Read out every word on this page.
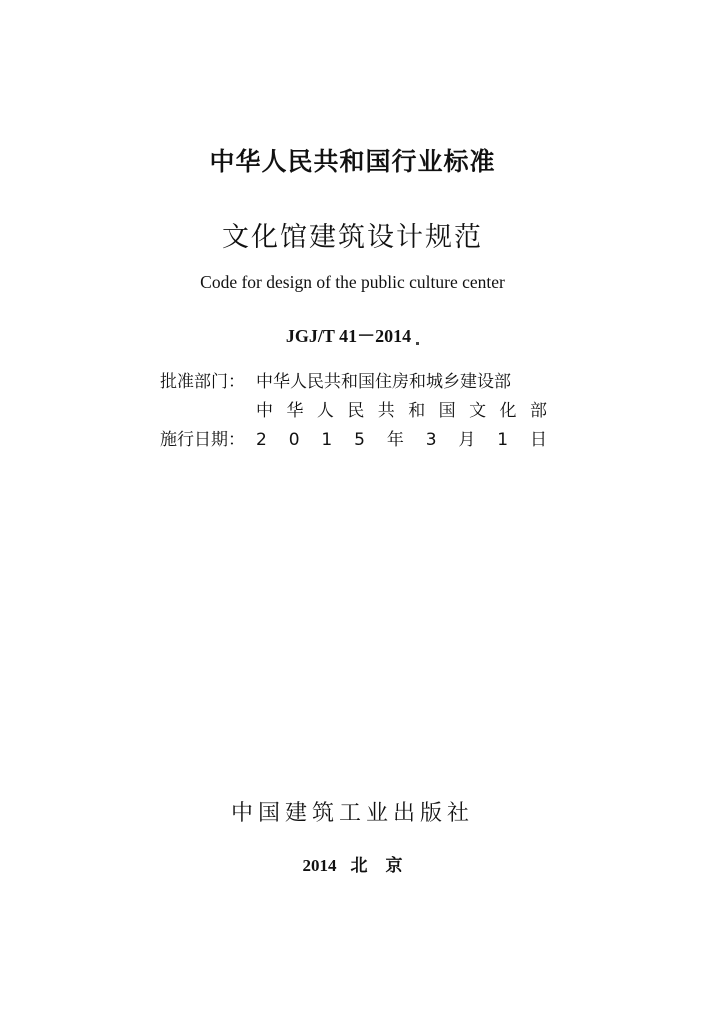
中华人民共和国行业标准
文化馆建筑设计规范
Code for design of the public culture center
JGJ/T 41－2014
批准部门： 中华人民共和国住房和城乡建设部
中 华 人 民 共 和 国 文 化 部
施行日期： 2 0 1 5 年 3 月 1 日
中国建筑工业出版社
2014 北 京
